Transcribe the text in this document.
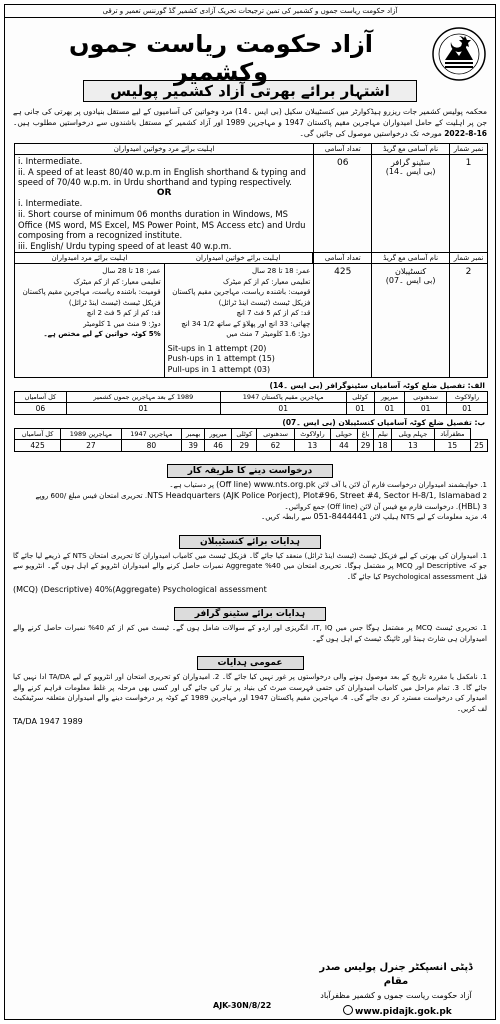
آزاد حکومت ریاست جموں و کشمیر کی تمین ترجیحات تحریک آزادی کشمیر گڈ گورننس تعمیر و ترقی
آزاد حکومت ریاست جموں وکشمیر
اشتہار برائے بھرتی آزاد کشمیر پولیس
محکمہ پولیس کشمیر جات ریزرو ہیڈکوارٹر میں کنسٹیبلان سکیل (بی ایس ۔14) مرد وخواتین کی آسامیوں کے لیے مستقل بنیادوں پر بھرتی کی جانی ہے جن پر اہلیت کے حامل امیدواران مہاجرین مقیم پاکستان 1947 و مہاجرین 1989 اور آزاد کشمیر کے مستقل باشندوں سے درخواستیں مطلوب ہیں۔ 16-8-2022 مورخہ تک درخواستیں موصول کی جائیں گی۔
اہلیت برائے مرد وخواتین امیدواران	تعداد آسامی	نام آسامی مع گریڈ	نمبر شمار

i. Intermediate.
ii. A speed of at least 80/40 w.p.m in English shorthand & typing and speed of 70/40 w.p.m. in Urdu shorthand and typing respectively.
OR
i. Intermediate.
ii. Short course of minimum 06 months duration in Windows, MS Office (MS word, MS Excel, MS Power Point, MS Access etc) and Urdu composing from a recognized institute.
iii. English/ Urdu typing speed of at least 40 w.p.m.
	06	سٹینو گرافر
(بی ایس ۔14)
	1

اہلیت برائے خواتین امیدواران	اہلیت برائے مرد امیدواران
		تعداد آسامی	نام آسامی مع گریڈ	نمبر شمار

عمر: 18 تا 28 سال
تعلیمی معیار: کم از کم میٹرک
قومیت: باشندہ ریاست، مہاجرین مقیم پاکستان
فزیکل ٹیسٹ (ٹیسٹ اینڈ ٹرائل)
قد: کم از کم 5 فٹ 2 انچ
دوڑ: 9 منٹ میں 1 کلومیٹر
5% کوٹہ خواتین کے لیے مختص ہے۔

عمر: 18 تا 28 سال
تعلیمی معیار: کم از کم میٹرک
قومیت: باشندہ ریاست، مہاجرین مقیم پاکستان
فزیکل ٹیسٹ (ٹیسٹ اینڈ ٹرائل)
قد: کم از کم 5 فٹ 7 انچ
چھاتی: 33 انچ اور پھلاؤ کے ساتھ 1/2 34 انچ
دوڑ: 1.6 کلومیٹر 7 منٹ میں
Sit-ups in 1 attempt (20)
Push-ups in 1 attempt (15)
Pull-ups in 1 attempt (03)
	425	کنسٹیبلان
(بی ایس ۔07)
	2
الف: تفصیل ضلع کوٹہ آسامیاں سٹینوگرافر (بی ایس ۔14)
کل آسامیاں	1989 کے بعد مہاجرین جموں کشمیر	مہاجرین مقیم پاکستان 1947	کوٹلی	میرپور	سدھنوتی	راولاکوٹ
06	01	01	01	01	01	01
ب: تفصیل ضلع کوٹہ آسامیاں کنسٹیبلان (بی ایس ۔07)
کل آسامیاں	مہاجرین 1989	مہاجرین 1947	بھمبر	میرپور	کوٹلی	سدھنوتی	راولاکوٹ	حویلی	باغ	نیلم	جہلم ویلی	مظفرآباد	
425	27	80	39	46	29	62	13	44	29	18	13	15	25
درخواست دینے کا طریقہ کار
1. خواہشمند امیدواران درخواست فارم آن لائن یا آف لائن (Off line) www.nts.org.pk پر دستیاب ہے۔
NTS Headquarters (AJK Police Porject), Plot#96, Street #4, Sector H-8/1, Islamabad 2. تحریری امتحان فیس مبلغ /600 روپے
(HBL) 3. درخواست فارم مع فیس آن لائن (Off line) جمع کروائیں۔
4. مزید معلومات کے لیے NTS ہیلپ لائن 051-8444441 سے رابطہ کریں۔
ہدایات برائے کنسٹیبلان
1. امیدواران کی بھرتی کے لیے فزیکل ٹیسٹ (ٹیسٹ اینڈ ٹرائل) منعقد کیا جائے گا۔ فزیکل ٹیسٹ میں کامیاب امیدواران کا تحریری امتحان NTS کے ذریعے لیا جائے گا جو کہ Descriptive اور MCQ پر مشتمل ہوگا۔ تحریری امتحان میں 40% Aggregate نمبرات حاصل کرنے والے امیدواران انٹرویو کے اہل ہوں گے۔ انٹرویو سے قبل Psychological assessment کیا جائے گا۔
(MCQ) (Descriptive) 40%(Aggregate) Psychological assessment
ہدایات برائے سٹینو گرافر
1. تحریری ٹیسٹ MCQ پر مشتمل ہوگا جس میں IT, IQ، انگریزی اور اردو کے سوالات شامل ہوں گے۔ ٹیسٹ میں کم از کم 40% نمبرات حاصل کرنے والے امیدواران ہی شارٹ ہینڈ اور ٹائپنگ ٹیسٹ کے اہل ہوں گے۔
عمومی ہدایات
1. نامکمل یا مقررہ تاریخ کے بعد موصول ہونے والی درخواستوں پر غور نہیں کیا جائے گا۔ 2. امیدواران کو تحریری امتحان اور انٹرویو کے لیے TA/DA ادا نہیں کیا جائے گا۔ 3. تمام مراحل میں کامیاب امیدواران کی حتمی فہرست میرٹ کی بنیاد پر تیار کی جائے گی اور کسی بھی مرحلہ پر غلط معلومات فراہم کرنے والے امیدوار کی درخواست مسترد کر دی جائے گی۔ 4. مہاجرین مقیم پاکستان 1947 اور مہاجرین 1989 کے کوٹہ پر درخواست دینے والے امیدواران متعلقہ سرٹیفکیٹ لف کریں۔
TA/DA 1947 1989
ڈپٹی انسپکٹر جنرل پولیس صدر مقام
آزاد حکومت ریاست جموں و کشمیر مظفرآباد
AJK-30N/8/22
www.pidajk.gok.pk
